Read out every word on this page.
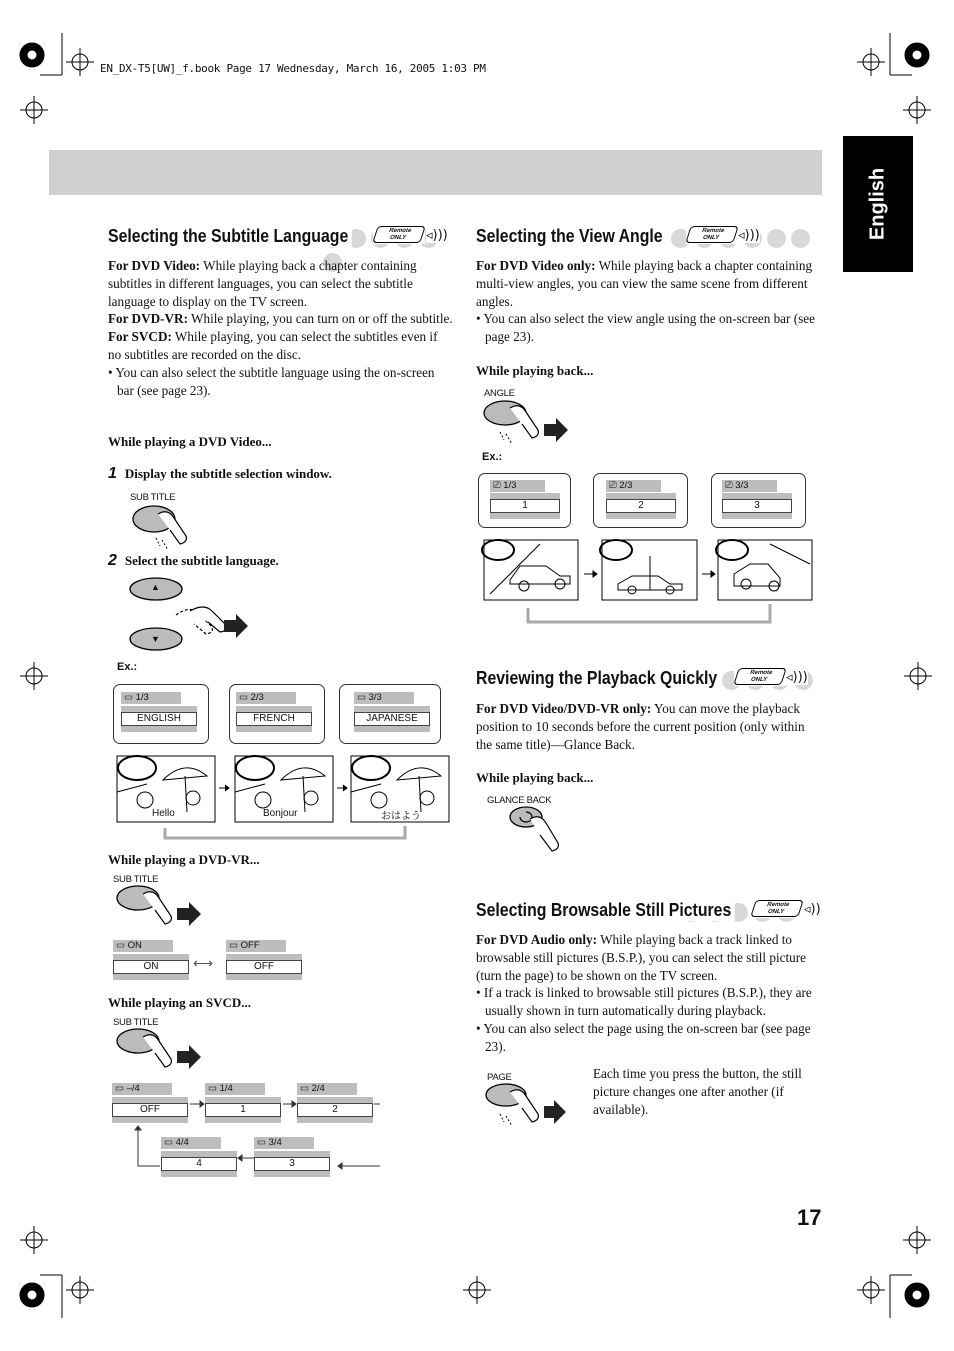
EN_DX-T5[UW]_f.book Page 17 Wednesday, March 16, 2005 1:03 PM
English
Selecting the Subtitle Language	Remote
ONLY	◃)))

For DVD Video: While playing back a chapter containing subtitles in different languages, you can select the subtitle language to display on the TV screen.

For DVD-VR: While playing, you can turn on or off the subtitle.

For SVCD: While playing, you can select the subtitles even if no subtitles are recorded on the disc.

• You can also select the subtitle language using the on-screen bar (see page 23).

While playing a DVD Video...
1 Display the subtitle selection window.
SUB TITLE
2 Select the subtitle language.
▲
▼
Ex.:
▭ 1/3
ENGLISH
▭ 2/3
FRENCH
▭ 3/3
JAPANESE
Hello	Bonjour	おはよう
While playing a DVD-VR...
SUB TITLE
▭ ON
ON	⟷
▭ OFF
OFF
While playing an SVCD...
SUB TITLE
▭ –/4
OFF
▭ 1/4
1
▭ 2/4
2
▭ 4/4
4
▭ 3/4
3
Selecting the View Angle	Remote
ONLY	◃)))

For DVD Video only: While playing back a chapter containing multi-view angles, you can view the same scene from different angles.

• You can also select the view angle using the on-screen bar (see page 23).

While playing back...
ANGLE
Ex.:
⎚ 1/3
1
⎚ 2/3
2
⎚ 3/3
3
Reviewing the Playback Quickly	Remote
ONLY	◃)))

For DVD Video/DVD-VR only: You can move the playback position to 10 seconds before the current position (only within the same title)—Glance Back.

While playing back...
GLANCE BACK
Selecting Browsable Still Pictures	Remote
ONLY	◃))

For DVD Audio only: While playing back a track linked to browsable still pictures (B.S.P.), you can select the still picture (turn the page) to be shown on the TV screen.

• If a track is linked to browsable still pictures (B.S.P.), they are usually shown in turn automatically during playback.

• You can also select the page using the on-screen bar (see page 23).

PAGE	Each time you press the button, the still picture changes one after another (if available).
17
